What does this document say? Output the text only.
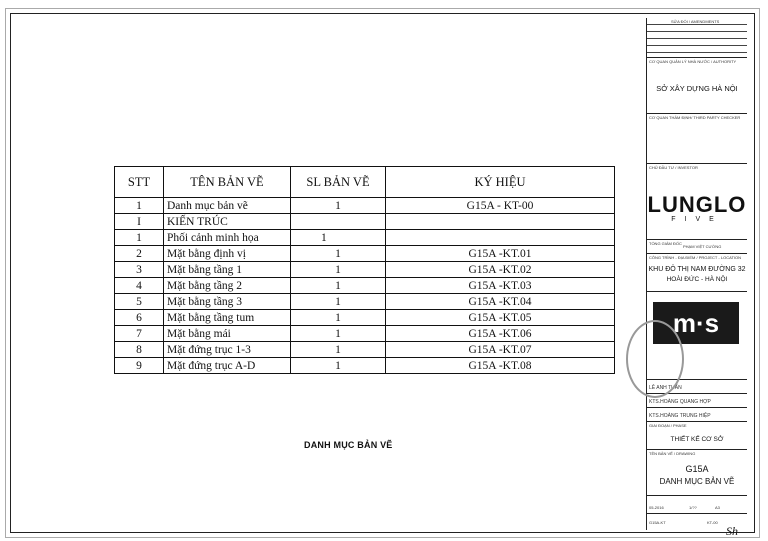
STT	TÊN BẢN VẼ	SL BẢN VẼ	KÝ HIỆU
1	Danh mục bản vẽ	1	G15A - KT-00
I	KIẾN TRÚC		
1	Phối cảnh minh họa	1	
2	Mặt bằng định vị	1	G15A -KT.01
3	Mặt bằng tầng 1	1	G15A -KT.02
4	Mặt bằng tầng 2	1	G15A -KT.03
5	Mặt bằng tầng 3	1	G15A -KT.04
6	Mặt bằng tầng tum	1	G15A -KT.05
7	Mặt bằng mái	1	G15A -KT.06
8	Mặt đứng trục 1-3	1	G15A -KT.07
9	Mặt đứng trục A-D	1	G15A -KT.08
DANH MỤC BẢN VẼ
SỬA ĐỔI / AMENDMENTS
CƠ QUAN QUẢN LÝ NHÀ NƯỚC / AUTHORITY
SỞ XÂY DỰNG HÀ NỘI
CƠ QUAN THẨM ĐỊNH/ THIRD PARTY CHECKER
CHỦ ĐẦU TƯ / INVESTOR
LUNGLO
FIVE
TỔNG GIÁM ĐỐC
PHẠM VIỆT CƯỜNG
CÔNG TRÌNH - ĐỊA ĐIỂM / PROJECT - LOCATION
KHU ĐÔ THỊ NAM ĐƯỜNG 32
HOÀI ĐỨC - HÀ NỘI
m·s
LÊ ANH TUẤN
KTS.HOÀNG QUANG HỢP
KTS.HOÀNG TRUNG HIỆP
GIAI ĐOẠN / PHASE
THIẾT KẾ CƠ SỞ
TÊN BẢN VẼ / DRAWING
G15A
DANH MỤC BẢN VẼ
05-2016	1/??	A3
G15A-KT	KT-00
Sh
